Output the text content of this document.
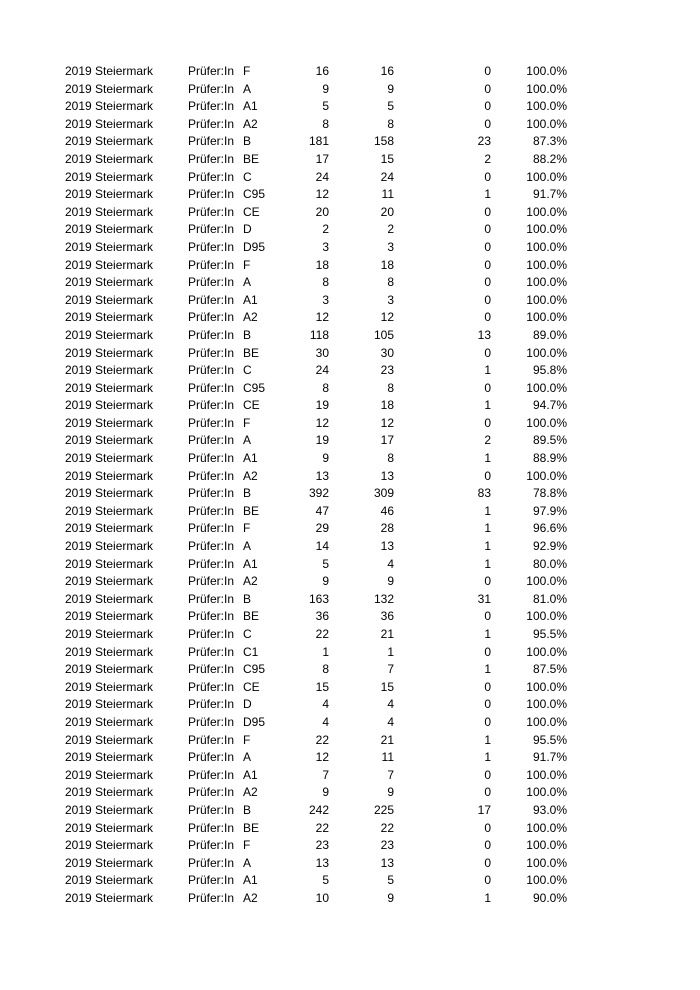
2019 Steiermark	Prüfer:In F	16	16	0	100.0%
2019 Steiermark	Prüfer:In A	9	9	0	100.0%
2019 Steiermark	Prüfer:In A1	5	5	0	100.0%
2019 Steiermark	Prüfer:In A2	8	8	0	100.0%
2019 Steiermark	Prüfer:In B	181	158	23	87.3%
2019 Steiermark	Prüfer:In BE	17	15	2	88.2%
2019 Steiermark	Prüfer:In C	24	24	0	100.0%
2019 Steiermark	Prüfer:In C95	12	11	1	91.7%
2019 Steiermark	Prüfer:In CE	20	20	0	100.0%
2019 Steiermark	Prüfer:In D	2	2	0	100.0%
2019 Steiermark	Prüfer:In D95	3	3	0	100.0%
2019 Steiermark	Prüfer:In F	18	18	0	100.0%
2019 Steiermark	Prüfer:In A	8	8	0	100.0%
2019 Steiermark	Prüfer:In A1	3	3	0	100.0%
2019 Steiermark	Prüfer:In A2	12	12	0	100.0%
2019 Steiermark	Prüfer:In B	118	105	13	89.0%
2019 Steiermark	Prüfer:In BE	30	30	0	100.0%
2019 Steiermark	Prüfer:In C	24	23	1	95.8%
2019 Steiermark	Prüfer:In C95	8	8	0	100.0%
2019 Steiermark	Prüfer:In CE	19	18	1	94.7%
2019 Steiermark	Prüfer:In F	12	12	0	100.0%
2019 Steiermark	Prüfer:In A	19	17	2	89.5%
2019 Steiermark	Prüfer:In A1	9	8	1	88.9%
2019 Steiermark	Prüfer:In A2	13	13	0	100.0%
2019 Steiermark	Prüfer:In B	392	309	83	78.8%
2019 Steiermark	Prüfer:In BE	47	46	1	97.9%
2019 Steiermark	Prüfer:In F	29	28	1	96.6%
2019 Steiermark	Prüfer:In A	14	13	1	92.9%
2019 Steiermark	Prüfer:In A1	5	4	1	80.0%
2019 Steiermark	Prüfer:In A2	9	9	0	100.0%
2019 Steiermark	Prüfer:In B	163	132	31	81.0%
2019 Steiermark	Prüfer:In BE	36	36	0	100.0%
2019 Steiermark	Prüfer:In C	22	21	1	95.5%
2019 Steiermark	Prüfer:In C1	1	1	0	100.0%
2019 Steiermark	Prüfer:In C95	8	7	1	87.5%
2019 Steiermark	Prüfer:In CE	15	15	0	100.0%
2019 Steiermark	Prüfer:In D	4	4	0	100.0%
2019 Steiermark	Prüfer:In D95	4	4	0	100.0%
2019 Steiermark	Prüfer:In F	22	21	1	95.5%
2019 Steiermark	Prüfer:In A	12	11	1	91.7%
2019 Steiermark	Prüfer:In A1	7	7	0	100.0%
2019 Steiermark	Prüfer:In A2	9	9	0	100.0%
2019 Steiermark	Prüfer:In B	242	225	17	93.0%
2019 Steiermark	Prüfer:In BE	22	22	0	100.0%
2019 Steiermark	Prüfer:In F	23	23	0	100.0%
2019 Steiermark	Prüfer:In A	13	13	0	100.0%
2019 Steiermark	Prüfer:In A1	5	5	0	100.0%
2019 Steiermark	Prüfer:In A2	10	9	1	90.0%
